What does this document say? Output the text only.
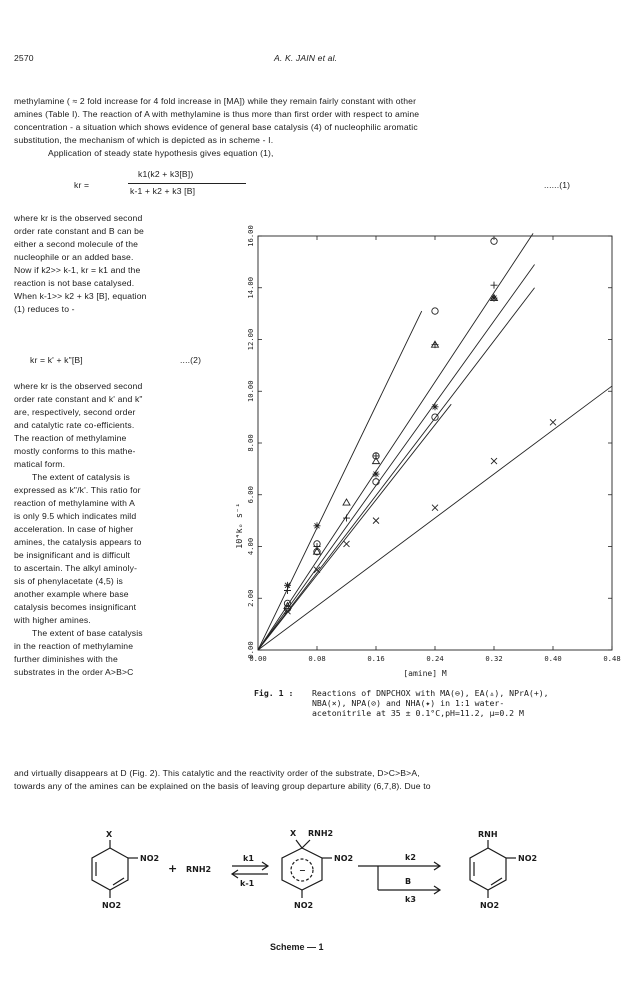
2570	A. K. JAIN et al.
methylamine ( ≈ 2 fold increase for 4 fold increase in [MA]) while they remain fairly constant with other
amines (Table I). The reaction of A with methylamine is thus more than first order with respect to amine
concentration - a situation which shows evidence of general base catalysis (4) of nucleophilic aromatic
substitution, the mechanism of which is depicted as in scheme - I.
Application of steady state hypothesis gives equation (1),
kr =
k1(k2 + k3[B])
k-1 + k2 + k3 [B]
......(1)
where kr is the observed second
order rate constant and B can be
either a second molecule of the
nucleophile or an added base.
Now if k2>> k-1, kr = k1 and the
reaction is not base catalysed.
When k-1>> k2 + k3 [B], equation
(1) reduces to -
kr = k' + k"[B]	....(2)
where kr is the observed second
order rate constant and k' and k"
are, respectively, second order
and catalytic rate co-efficients.
The reaction of methylamine
mostly conforms to this mathe-
matical form.
The extent of catalysis is
expressed as k"/k'. This ratio for
reaction of methylamine with A
is only 9.5 which indicates mild
acceleration. In case of higher
amines, the catalysis appears to
be insignificant and is difficult
to ascertain. The alkyl aminoly-
sis of phenylacetate (4,5) is
another example where base
catalysis becomes insignificant
with higher amines.
The extent of base catalysis
in the reaction of methylamine
further diminishes with the
substrates in the order A>B>C
0.00	0.08	0.16	0.24	0.32	0.40	0.48
0.00
2.00
4.00
6.00
8.00
10.00
12.00
14.00
16.00
[amine] M
10⁴kₒ s⁻¹
Fig. 1 : Reactions of DNPCHOX with MA(⊖), EA(▵), NPrA(+),
NBA(×), NPA(⊘) and NHA(✦) in 1:1 water-
acetonitrile at 35 ± 0.1°C,pH=11.2, μ=0.2 M
and virtually disappears at D (Fig. 2). This catalytic and the reactivity order of the substrate, D>C>B>A,
towards any of the amines can be explained on the basis of leaving group departure ability (6,7,8). Due to
X
NO2
NO2
+ RNH2
k1
k-1
X RNH2
NO2
NO2
−
k2
B
k3
RNH
NO2
NO2
Scheme — 1
